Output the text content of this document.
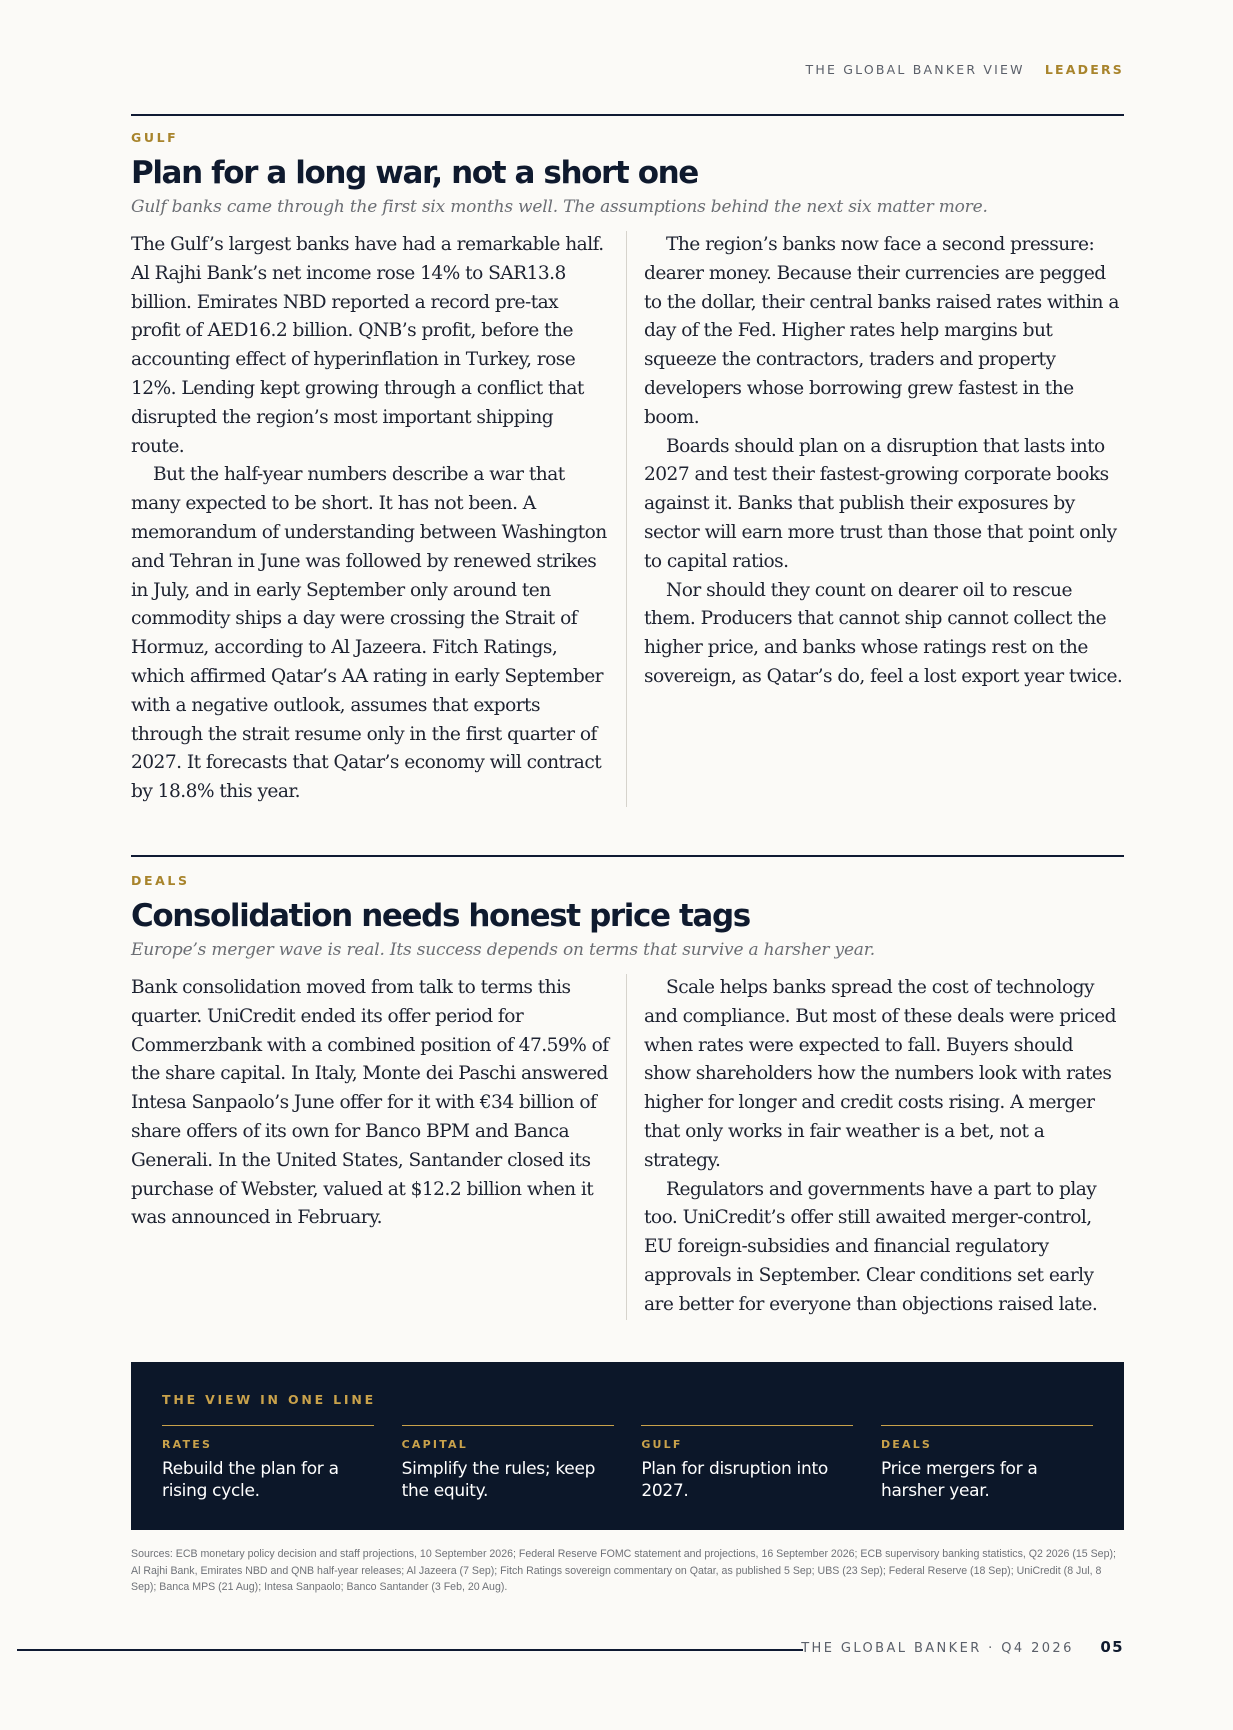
THE GLOBAL BANKER VIEW LEADERS
GULF
Plan for a long war, not a short one
Gulf banks came through the first six months well. The assumptions behind the next six matter more.

The Gulf’s largest banks have had a remarkable half. Al Rajhi Bank’s net income rose 14% to SAR13.8 billion. Emirates NBD reported a record pre-tax profit of AED16.2 billion. QNB’s profit, before the accounting effect of hyperinflation in Turkey, rose 12%. Lending kept growing through a conflict that disrupted the region’s most important shipping route.

But the half-year numbers describe a war that many expected to be short. It has not been. A memorandum of understanding between Washington and Tehran in June was followed by renewed strikes in July, and in early September only around ten commodity ships a day were crossing the Strait of Hormuz, according to Al Jazeera. Fitch Ratings, which affirmed Qatar’s AA rating in early September with a negative outlook, assumes that exports through the strait resume only in the first quarter of 2027. It forecasts that Qatar’s economy will contract by 18.8% this year.

The region’s banks now face a second pressure: dearer money. Because their currencies are pegged to the dollar, their central banks raised rates within a day of the Fed. Higher rates help margins but squeeze the contractors, traders and property developers whose borrowing grew fastest in the boom.

Boards should plan on a disruption that lasts into 2027 and test their fastest-growing corporate books against it. Banks that publish their exposures by sector will earn more trust than those that point only to capital ratios.

Nor should they count on dearer oil to rescue them. Producers that cannot ship cannot collect the higher price, and banks whose ratings rest on the sovereign, as Qatar’s do, feel a lost export year twice.

DEALS
Consolidation needs honest price tags
Europe’s merger wave is real. Its success depends on terms that survive a harsher year.

Bank consolidation moved from talk to terms this quarter. UniCredit ended its offer period for Commerzbank with a combined position of 47.59% of the share capital. In Italy, Monte dei Paschi answered Intesa Sanpaolo’s June offer for it with €34 billion of share offers of its own for Banco BPM and Banca Generali. In the United States, Santander closed its purchase of Webster, valued at $12.2 billion when it was announced in February.

Scale helps banks spread the cost of technology and compliance. But most of these deals were priced when rates were expected to fall. Buyers should show shareholders how the numbers look with rates higher for longer and credit costs rising. A merger that only works in fair weather is a bet, not a strategy.

Regulators and governments have a part to play too. UniCredit’s offer still awaited merger-control, EU foreign-subsidies and financial regulatory approvals in September. Clear conditions set early are better for everyone than objections raised late.

THE VIEW IN ONE LINE
RATES
Rebuild the plan for a rising cycle.
CAPITAL
Simplify the rules; keep the equity.
GULF
Plan for disruption into 2027.
DEALS
Price mergers for a harsher year.
Sources: ECB monetary policy decision and staff projections, 10 September 2026; Federal Reserve FOMC statement and projections, 16 September 2026; ECB supervisory banking statistics, Q2 2026 (15 Sep); Al Rajhi Bank, Emirates NBD and QNB half-year releases; Al Jazeera (7 Sep); Fitch Ratings sovereign commentary on Qatar, as published 5 Sep; UBS (23 Sep); Federal Reserve (18 Sep); UniCredit (8 Jul, 8 Sep); Banca MPS (21 Aug); Intesa Sanpaolo; Banco Santander (3 Feb, 20 Aug).
THE GLOBAL BANKER · Q4 2026 05
